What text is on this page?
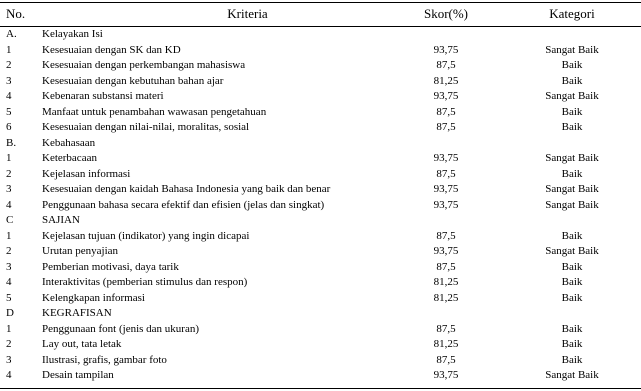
No.	Kriteria	Skor(%)	Kategori
A. Kelayakan Isi
1	Kesesuaian dengan SK dan KD	93,75	Sangat Baik
2	Kesesuaian dengan perkembangan mahasiswa	87,5	Baik
3	Kesesuaian dengan kebutuhan bahan ajar	81,25	Baik
4	Kebenaran substansi materi	93,75	Sangat Baik
5	Manfaat untuk penambahan wawasan pengetahuan	87,5	Baik
6	Kesesuaian dengan nilai-nilai, moralitas, sosial	87,5	Baik
B. Kebahasaan
1	Keterbacaan	93,75	Sangat Baik
2	Kejelasan informasi	87,5	Baik
3	Kesesuaian dengan kaidah Bahasa Indonesia yang baik dan benar	93,75	Sangat Baik
4	Penggunaan bahasa secara efektif dan efisien (jelas dan singkat)	93,75	Sangat Baik
C	SAJIAN
1	Kejelasan tujuan (indikator) yang ingin dicapai	87,5	Baik
2	Urutan penyajian	93,75	Sangat Baik
3	Pemberian motivasi, daya tarik	87,5	Baik
4	Interaktivitas (pemberian stimulus dan respon)	81,25	Baik
5	Kelengkapan informasi	81,25	Baik
D	KEGRAFISAN
1	Penggunaan font (jenis dan ukuran)	87,5	Baik
2	Lay out, tata letak	81,25	Baik
3	Ilustrasi, grafis, gambar foto	87,5	Baik
4	Desain tampilan	93,75	Sangat Baik
